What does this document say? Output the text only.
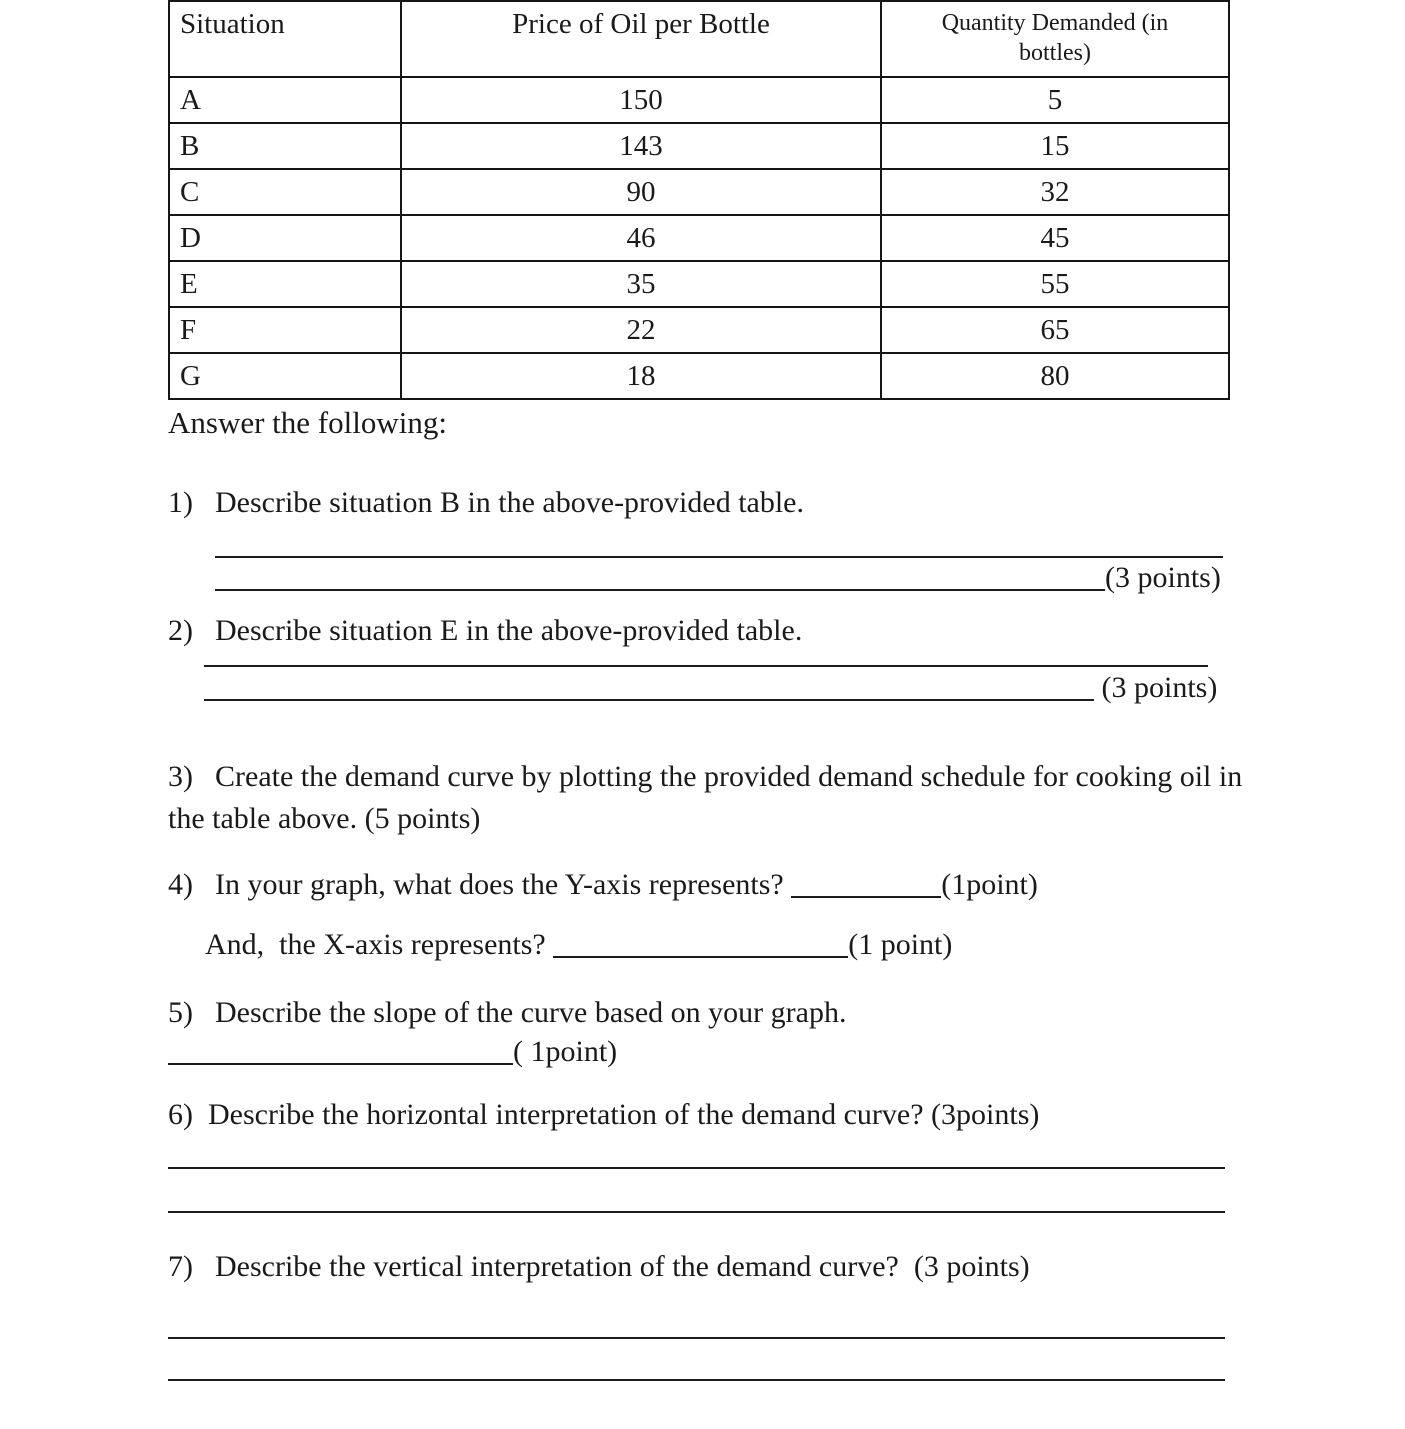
Situation	Price of Oil per Bottle	Quantity Demanded (in bottles)
A	150	5
B	143	15
C	90	32
D	46	45
E	35	55
F	22	65
G	18	80
Answer the following:
1) Describe situation B in the above-provided table.
(3 points)
2) Describe situation E in the above-provided table.
(3 points)
3) Create the demand curve by plotting the provided demand schedule for cooking oil in the table above. (5 points)
4) In your graph, what does the Y-axis represents?	(1point)
And,  the X-axis represents?	(1 point)
5) Describe the slope of the curve based on your graph.
( 1point)
6) Describe the horizontal interpretation of the demand curve? (3points)
7) Describe the vertical interpretation of the demand curve?  (3 points)
